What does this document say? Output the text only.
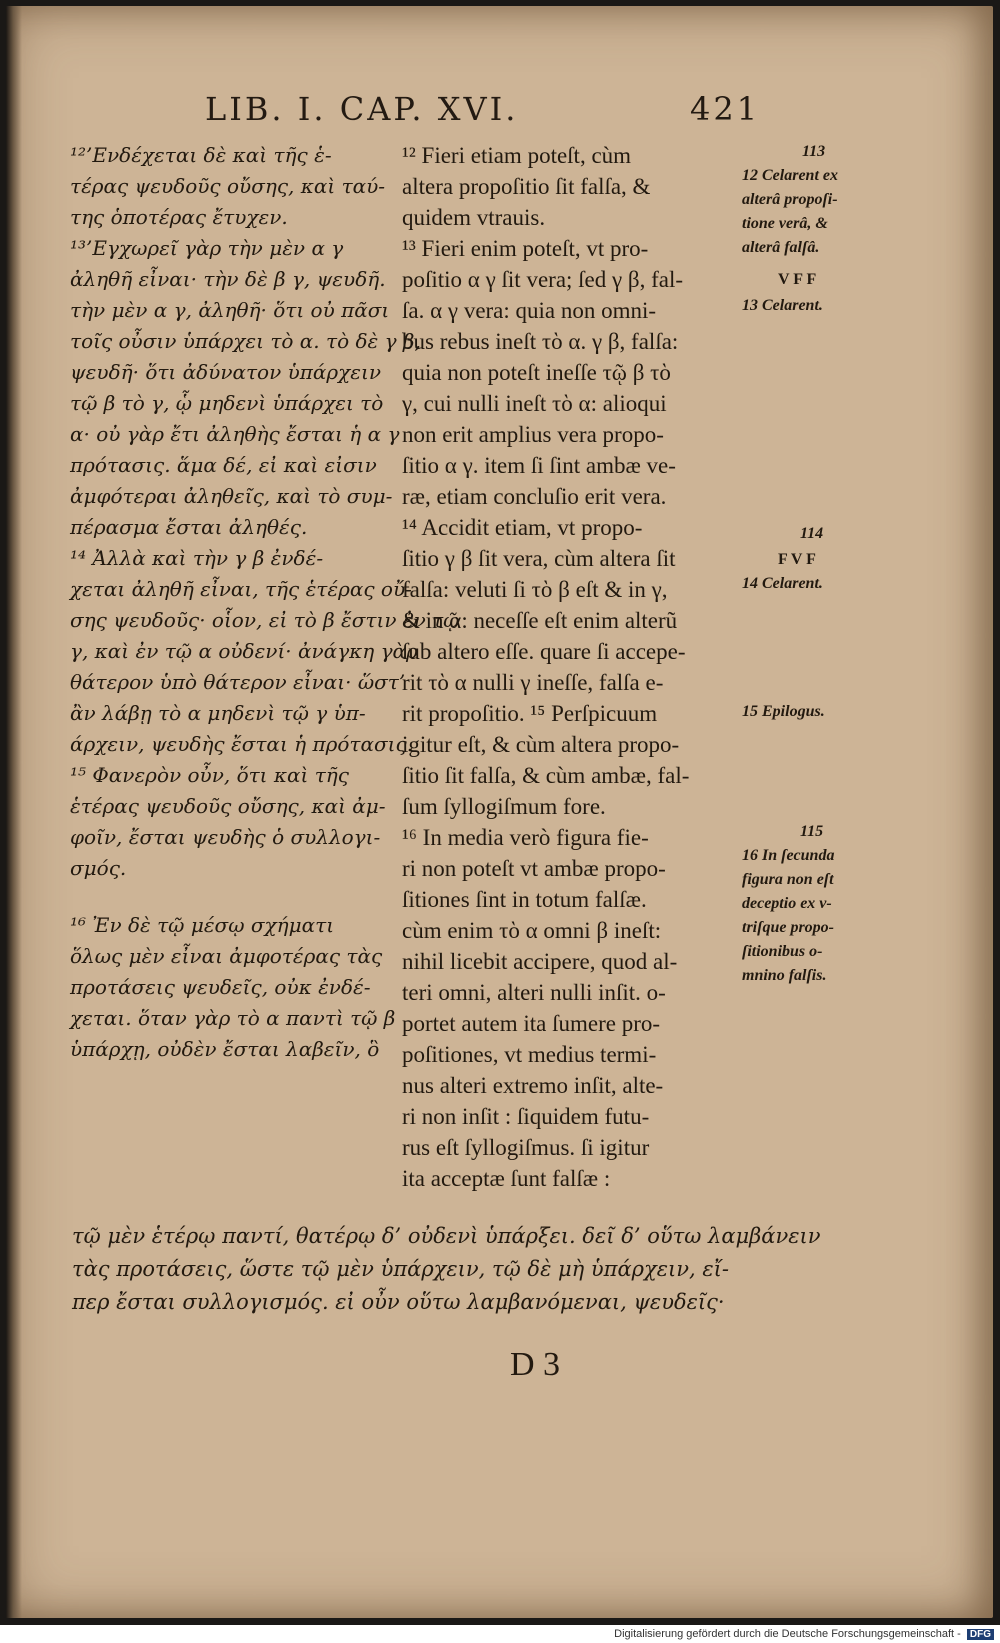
LIB. I. CAP. XVI.	421
¹²’Ενδέχεται δὲ καὶ τῆς ἑ-
τέρας ψευδοῦς οὔσης, καὶ ταύ-
της ὁποτέρας ἔτυχεν.
¹³’Εγχωρεῖ γὰρ τὴν μὲν α γ
ἀληθῆ εἶναι· τὴν δὲ β γ, ψευδῆ.
τὴν μὲν α γ, ἀληθῆ· ὅτι οὐ πᾶσι
τοῖς οὖσιν ὑπάρχει τὸ α. τὸ δὲ γ β,
ψευδῆ· ὅτι ἀδύνατον ὑπάρχειν
τῷ β τὸ γ, ᾧ μηδενὶ ὑπάρχει τὸ
α· οὐ γὰρ ἔτι ἀληθὴς ἔσται ἡ α γ
πρότασις. ἅμα δέ, εἰ καὶ εἰσιν
ἀμφότεραι ἀληθεῖς, καὶ τὸ συμ-
πέρασμα ἔσται ἀληθές.
¹⁴ Ἀλλὰ καὶ τὴν γ β ἐνδέ-
χεται ἀληθῆ εἶναι, τῆς ἑτέρας οὔ-
σης ψευδοῦς· οἷον, εἰ τὸ β ἔστιν ἐν τῷ
γ, καὶ ἐν τῷ α οὐδενί· ἀνάγκη γὰρ
θάτερον ὑπὸ θάτερον εἶναι· ὥστ’
ἂν λάβῃ τὸ α μηδενὶ τῷ γ ὑπ-
άρχειν, ψευδὴς ἔσται ἡ πρότασις.
¹⁵ Φανερὸν οὖν, ὅτι καὶ τῆς
ἑτέρας ψευδοῦς οὔσης, καὶ ἀμ-
φοῖν, ἔσται ψευδὴς ὁ συλλογι-
σμός.
¹⁶ Ἐν δὲ τῷ μέσῳ σχήματι
ὅλως μὲν εἶναι ἀμφοτέρας τὰς
προτάσεις ψευδεῖς, οὐκ ἐνδέ-
χεται. ὅταν γὰρ τὸ α παντὶ τῷ β
ὑπάρχῃ, οὐδὲν ἔσται λαβεῖν, ὃ
¹² Fieri etiam poteſt, cùm
altera propoſitio ſit falſa, &
quidem vtrauis.
¹³ Fieri enim poteſt, vt pro-
poſitio α γ ſit vera; ſed γ β, fal-
ſa. α γ vera: quia non omni-
bus rebus ineſt τὸ α. γ β, falſa:
quia non poteſt ineſſe τῷ β τὸ
γ, cui nulli ineſt τὸ α: alioqui
non erit amplius vera propo-
ſitio α γ. item ſi ſint ambæ ve-
ræ, etiam concluſio erit vera.
¹⁴ Accidit etiam, vt propo-
ſitio γ β ſit vera, cùm altera ſit
falſa: veluti ſi τὸ β eſt & in γ,
& in α: neceſſe eſt enim alterũ
ſub altero eſſe. quare ſi accepe-
rit τὸ α nulli γ ineſſe, falſa e-
rit propoſitio. ¹⁵ Perſpicuum
igitur eſt, & cùm altera propo-
ſitio ſit falſa, & cùm ambæ, fal-
ſum ſyllogiſmum fore.
¹⁶ In media verò figura fie-
ri non poteſt vt ambæ propo-
ſitiones ſint in totum falſæ.
cùm enim τὸ α omni β ineſt:
nihil licebit accipere, quod al-
teri omni, alteri nulli inſit. o-
portet autem ita ſumere pro-
poſitiones, vt medius termi-
nus alteri extremo inſit, alte-
ri non inſit : ſiquidem futu-
rus eſt ſyllogiſmus. ſi igitur
ita acceptæ ſunt falſæ :
113
12 Celarent ex
alterâ propoſi-
tione verâ, &
alterâ falſâ.
V F F
13 Celarent.
114
F V F
14 Celarent.
15 Epilogus.
115
16 In ſecunda
figura non eſt
deceptio ex v-
triſque propo-
ſitionibus o-
mnino falſis.
τῷ μὲν ἑτέρῳ παντί, θατέρῳ δ’ οὐδενὶ ὑπάρξει. δεῖ δ’ οὕτω λαμβάνειν
τὰς προτάσεις, ὥστε τῷ μὲν ὑπάρχειν, τῷ δὲ μὴ ὑπάρχειν, εἴ-
περ ἔσται συλλογισμός. εἰ οὖν οὕτω λαμβανόμεναι, ψευδεῖς·
D 3
Digitalisierung gefördert durch die Deutsche Forschungsgemeinschaft - DFG
